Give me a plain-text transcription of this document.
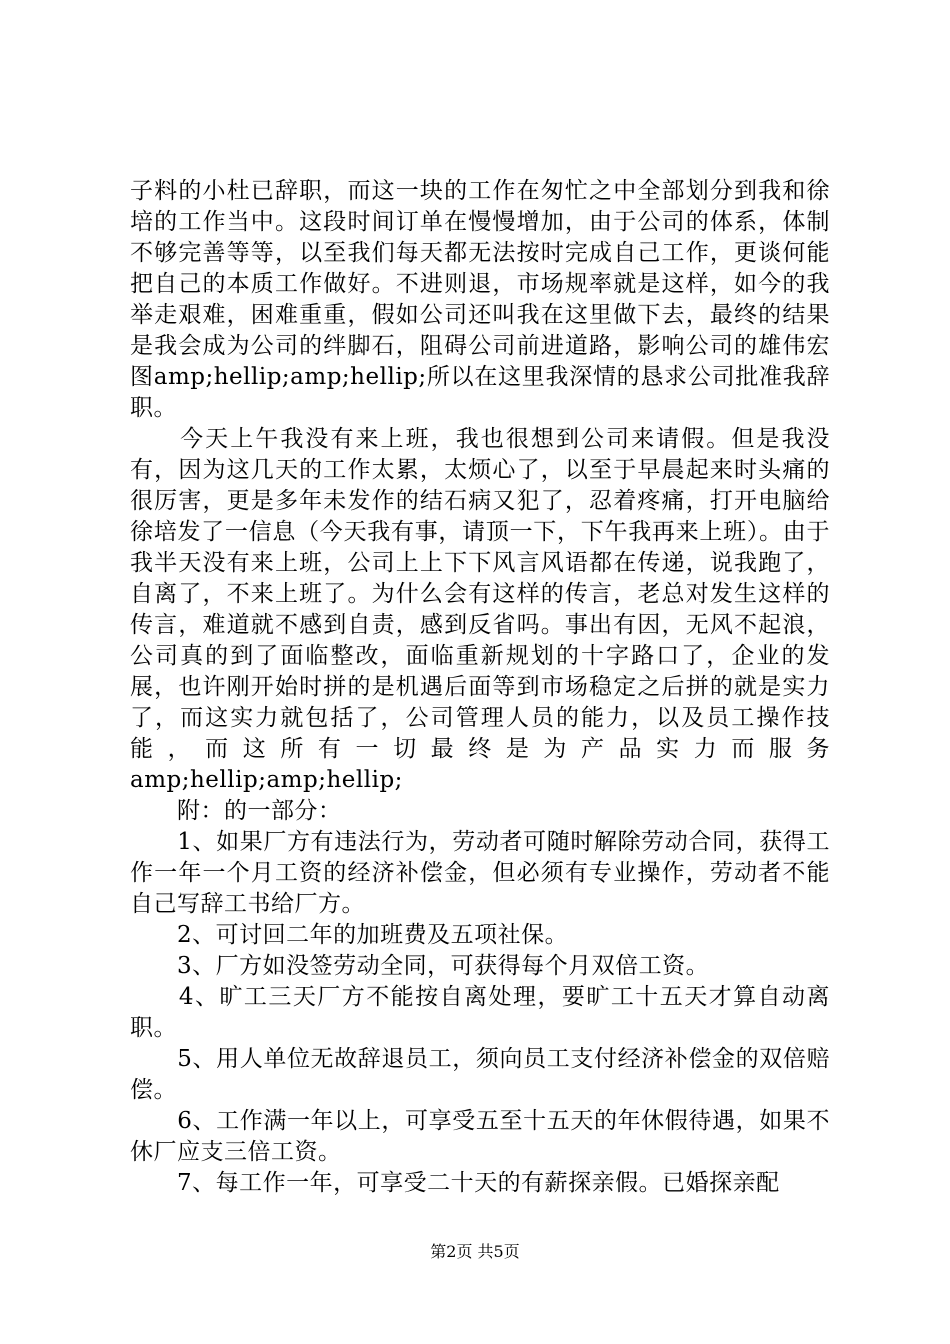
子料的小杜已辞职，而这一块的工作在匆忙之中全部划分到我和徐培的工作当中。这段时间订单在慢慢增加，由于公司的体系，体制不够完善等等，以至我们每天都无法按时完成自己工作，更谈何能把自己的本质工作做好。不进则退，市场规率就是这样，如今的我举走艰难，困难重重，假如公司还叫我在这里做下去，最终的结果是我会成为公司的绊脚石，阻碍公司前进道路，影响公司的雄伟宏图amp;hellip;amp;hellip;所以在这里我深情的恳求公司批准我辞职。

　　今天上午我没有来上班，我也很想到公司来请假。但是我没有，因为这几天的工作太累，太烦心了，以至于早晨起来时头痛的很厉害，更是多年未发作的结石病又犯了，忍着疼痛，打开电脑给徐培发了一信息（今天我有事，请顶一下，下午我再来上班）。由于我半天没有来上班，公司上上下下风言风语都在传递，说我跑了，自离了，不来上班了。为什么会有这样的传言，老总对发生这样的传言，难道就不感到自责，感到反省吗。事出有因，无风不起浪，公司真的到了面临整改，面临重新规划的十字路口了，企业的发展，也许刚开始时拼的是机遇后面等到市场稳定之后拼的就是实力了，而这实力就包括了，公司管理人员的能力，以及员工操作技能，而这所有一切最终是为产品实力而服务amp;hellip;amp;hellip;

　　附：的一部分：

　　1、如果厂方有违法行为，劳动者可随时解除劳动合同，获得工作一年一个月工资的经济补偿金，但必须有专业操作，劳动者不能自己写辞工书给厂方。

　　2、可讨回二年的加班费及五项社保。

　　3、厂方如没签劳动全同，可获得每个月双倍工资。

　　4、旷工三天厂方不能按自离处理，要旷工十五天才算自动离职。

　　5、用人单位无故辞退员工，须向员工支付经济补偿金的双倍赔偿。

　　6、工作满一年以上，可享受五至十五天的年休假待遇，如果不休厂应支三倍工资。

　　7、每工作一年，可享受二十天的有薪探亲假。已婚探亲配

第2页 共5页
